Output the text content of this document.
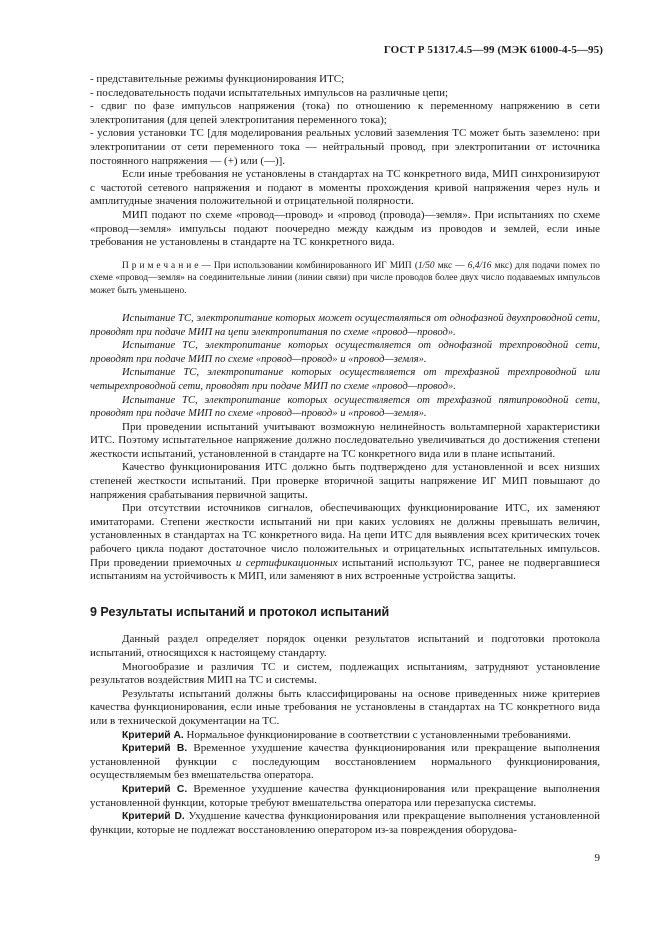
ГОСТ Р 51317.4.5—99 (МЭК 61000-4-5—95)

- представительные режимы функционирования ИТС;

- последовательность подачи испытательных импульсов на различные цепи;

- сдвиг по фазе импульсов напряжения (тока) по отношению к переменному напряжению в сети электропитания (для цепей электропитания переменного тока);

- условия установки ТС [для моделирования реальных условий заземления ТС может быть заземлено: при электропитании от сети переменного тока — нейтральный провод, при электропитании от источника постоянного напряжения — (+) или (—)].

Если иные требования не установлены в стандартах на ТС конкретного вида, МИП синхронизируют с частотой сетевого напряжения и подают в моменты прохождения кривой напряжения через нуль и амплитудные значения положительной и отрицательной полярности.

МИП подают по схеме «провод—провод» и «провод (провода)—земля». При испытаниях по схеме «провод—земля» импульсы подают поочередно между каждым из проводов и землей, если иные требования не установлены в стандарте на ТС конкретного вида.

Примечание— При использовании комбинированного ИГ МИП (1/50 мкс — 6,4/16 мкс) для подачи помех по схеме «провод—земля» на соединительные линии (линии связи) при числе проводов более двух число подаваемых импульсов может быть уменьшено.

Испытание ТС, электропитание которых может осуществляться от однофазной двухпроводной сети, проводят при подаче МИП на цепи электропитания по схеме «провод—провод».

Испытание ТС, электропитание которых осуществляется от однофазной трехпроводной сети, проводят при подаче МИП по схеме «провод—провод» и «провод—земля».

Испытание ТС, электропитание которых осуществляется от трехфазной трехпроводной или четырехпроводной сети, проводят при подаче МИП по схеме «провод—провод».

Испытание ТС, электропитание которых осуществляется от трехфазной пятипроводной сети, проводят при подаче МИП по схеме «провод—провод» и «провод—земля».

При проведении испытаний учитывают возможную нелинейность вольтамперной характеристики ИТС. Поэтому испытательное напряжение должно последовательно увеличиваться до достижения степени жесткости испытаний, установленной в стандарте на ТС конкретного вида или в плане испытаний.

Качество функционирования ИТС должно быть подтверждено для установленной и всех низших степеней жесткости испытаний. При проверке вторичной защиты напряжение ИГ МИП повышают до напряжения срабатывания первичной защиты.

При отсутствии источников сигналов, обеспечивающих функционирование ИТС, их заменяют имитаторами. Степени жесткости испытаний ни при каких условиях не должны превышать величин, установленных в стандартах на ТС конкретного вида. На цепи ИТС для выявления всех критических точек рабочего цикла подают достаточное число положительных и отрицательных испытательных импульсов. При проведении приемочных и сертификационных испытаний используют ТС, ранее не подвергавшиеся испытаниям на устойчивость к МИП, или заменяют в них встроенные устройства защиты.

9 Результаты испытаний и протокол испытаний

Данный раздел определяет порядок оценки результатов испытаний и подготовки протокола испытаний, относящихся к настоящему стандарту.

Многообразие и различия ТС и систем, подлежащих испытаниям, затрудняют установление результатов воздействия МИП на ТС и системы.

Результаты испытаний должны быть классифицированы на основе приведенных ниже критериев качества функционирования, если иные требования не установлены в стандартах на ТС конкретного вида или в технической документации на ТС.

Критерий А. Нормальное функционирование в соответствии с установленными требованиями.

Критерий В. Временное ухудшение качества функционирования или прекращение выполнения установленной функции с последующим восстановлением нормального функционирования, осуществляемым без вмешательства оператора.

Критерий С. Временное ухудшение качества функционирования или прекращение выполнения установленной функции, которые требуют вмешательства оператора или перезапуска системы.

Критерий D. Ухудшение качества функционирования или прекращение выполнения установленной функции, которые не подлежат восстановлению оператором из-за повреждения оборудова-

9
